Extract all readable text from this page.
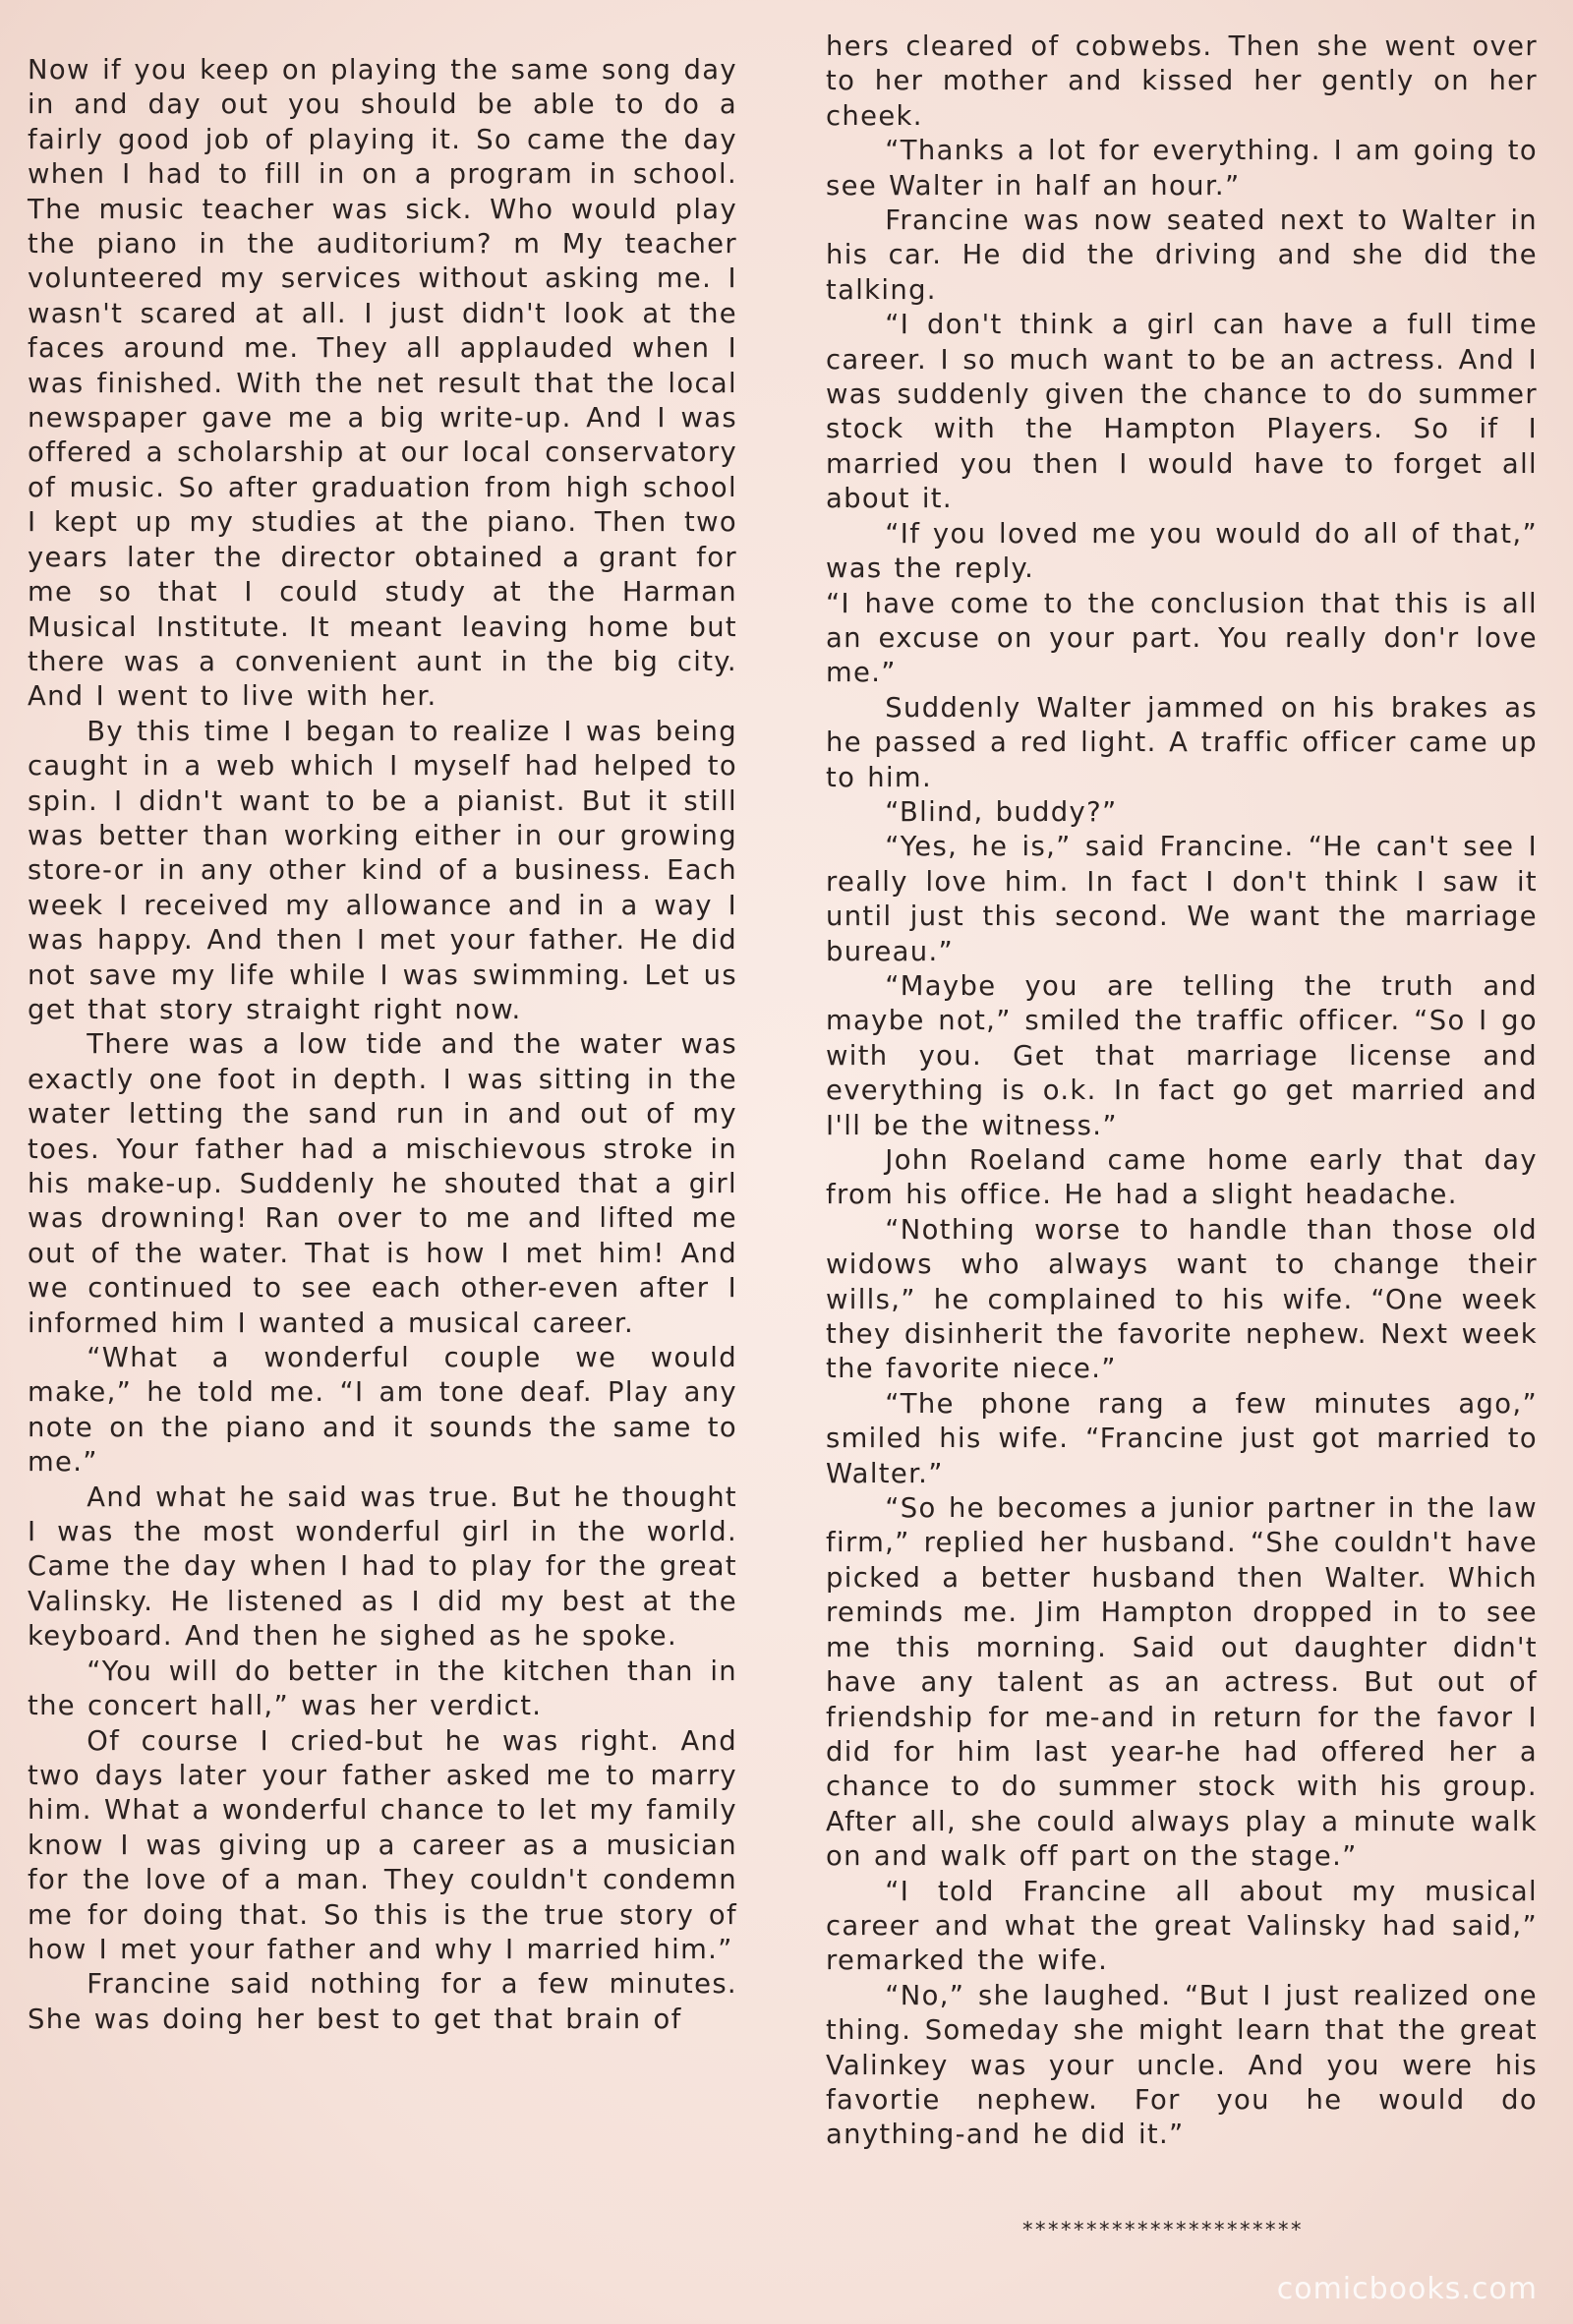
Now if you keep on playing the same song day in and day out you should be able to do a fairly good job of playing it. So came the day when I had to fill in on a program in school. The music teacher was sick. Who would play the piano in the auditorium? m My teacher volunteered my services without asking me. I wasn't scared at all. I just didn't look at the faces around me. They all applauded when I was finished. With the net result that the local newspaper gave me a big write-up. And I was offered a scholarship at our local conservatory of music. So after graduation from high school I kept up my studies at the piano. Then two years later the director obtained a grant for me so that I could study at the Harman Musical Institute. It meant leaving home but there was a convenient aunt in the big city. And I went to live with her.

By this time I began to realize I was being caught in a web which I myself had helped to spin. I didn't want to be a pianist. But it still was better than working either in our growing store-or in any other kind of a business. Each week I received my allowance and in a way I was happy. And then I met your father. He did not save my life while I was swimming. Let us get that story straight right now.

There was a low tide and the water was exactly one foot in depth. I was sitting in the water letting the sand run in and out of my toes. Your father had a mischievous stroke in his make-up. Suddenly he shouted that a girl was drowning! Ran over to me and lifted me out of the water. That is how I met him! And we continued to see each other-even after I informed him I wanted a musical career.

“What a wonderful couple we would make,” he told me. “I am tone deaf. Play any note on the piano and it sounds the same to me.”

And what he said was true. But he thought I was the most wonderful girl in the world. Came the day when I had to play for the great Valinsky. He listened as I did my best at the keyboard. And then he sighed as he spoke.

“You will do better in the kitchen than in the concert hall,” was her verdict.

Of course I cried-but he was right. And two days later your father asked me to marry him. What a wonderful chance to let my family know I was giving up a career as a musician for the love of a man. They couldn't condemn me for doing that. So this is the true story of how I met your father and why I married him.”

Francine said nothing for a few minutes. She was doing her best to get that brain of

hers cleared of cobwebs. Then she went over to her mother and kissed her gently on her cheek.

“Thanks a lot for everything. I am going to see Walter in half an hour.”

Francine was now seated next to Walter in his car. He did the driving and she did the talking.

“I don't think a girl can have a full time career. I so much want to be an actress. And I was suddenly given the chance to do summer stock with the Hampton Players. So if I married you then I would have to forget all about it.

“If you loved me you would do all of that,” was the reply.

“I have come to the conclusion that this is all an excuse on your part. You really don'r love me.”

Suddenly Walter jammed on his brakes as he passed a red light. A traffic officer came up to him.

“Blind, buddy?”

“Yes, he is,” said Francine. “He can't see I really love him. In fact I don't think I saw it until just this second. We want the marriage bureau.”

“Maybe you are telling the truth and maybe not,” smiled the traffic officer. “So I go with you. Get that marriage license and everything is o.k. In fact go get married and I'll be the witness.”

John Roeland came home early that day from his office. He had a slight headache.

“Nothing worse to handle than those old widows who always want to change their wills,” he complained to his wife. “One week they disinherit the favorite nephew. Next week the favorite niece.”

“The phone rang a few minutes ago,” smiled his wife. “Francine just got married to Walter.”

“So he becomes a junior partner in the law firm,” replied her husband. “She couldn't have picked a better husband then Walter. Which reminds me. Jim Hampton dropped in to see me this morning. Said out daughter didn't have any talent as an actress. But out of friendship for me-and in return for the favor I did for him last year-he had offered her a chance to do summer stock with his group. After all, she could always play a minute walk on and walk off part on the stage.”

“I told Francine all about my musical career and what the great Valinsky had said,” remarked the wife.

“No,” she laughed. “But I just realized one thing. Someday she might learn that the great Valinkey was your uncle. And you were his favortie nephew. For you he would do anything-and he did it.”

**********************
comicbooks.com
